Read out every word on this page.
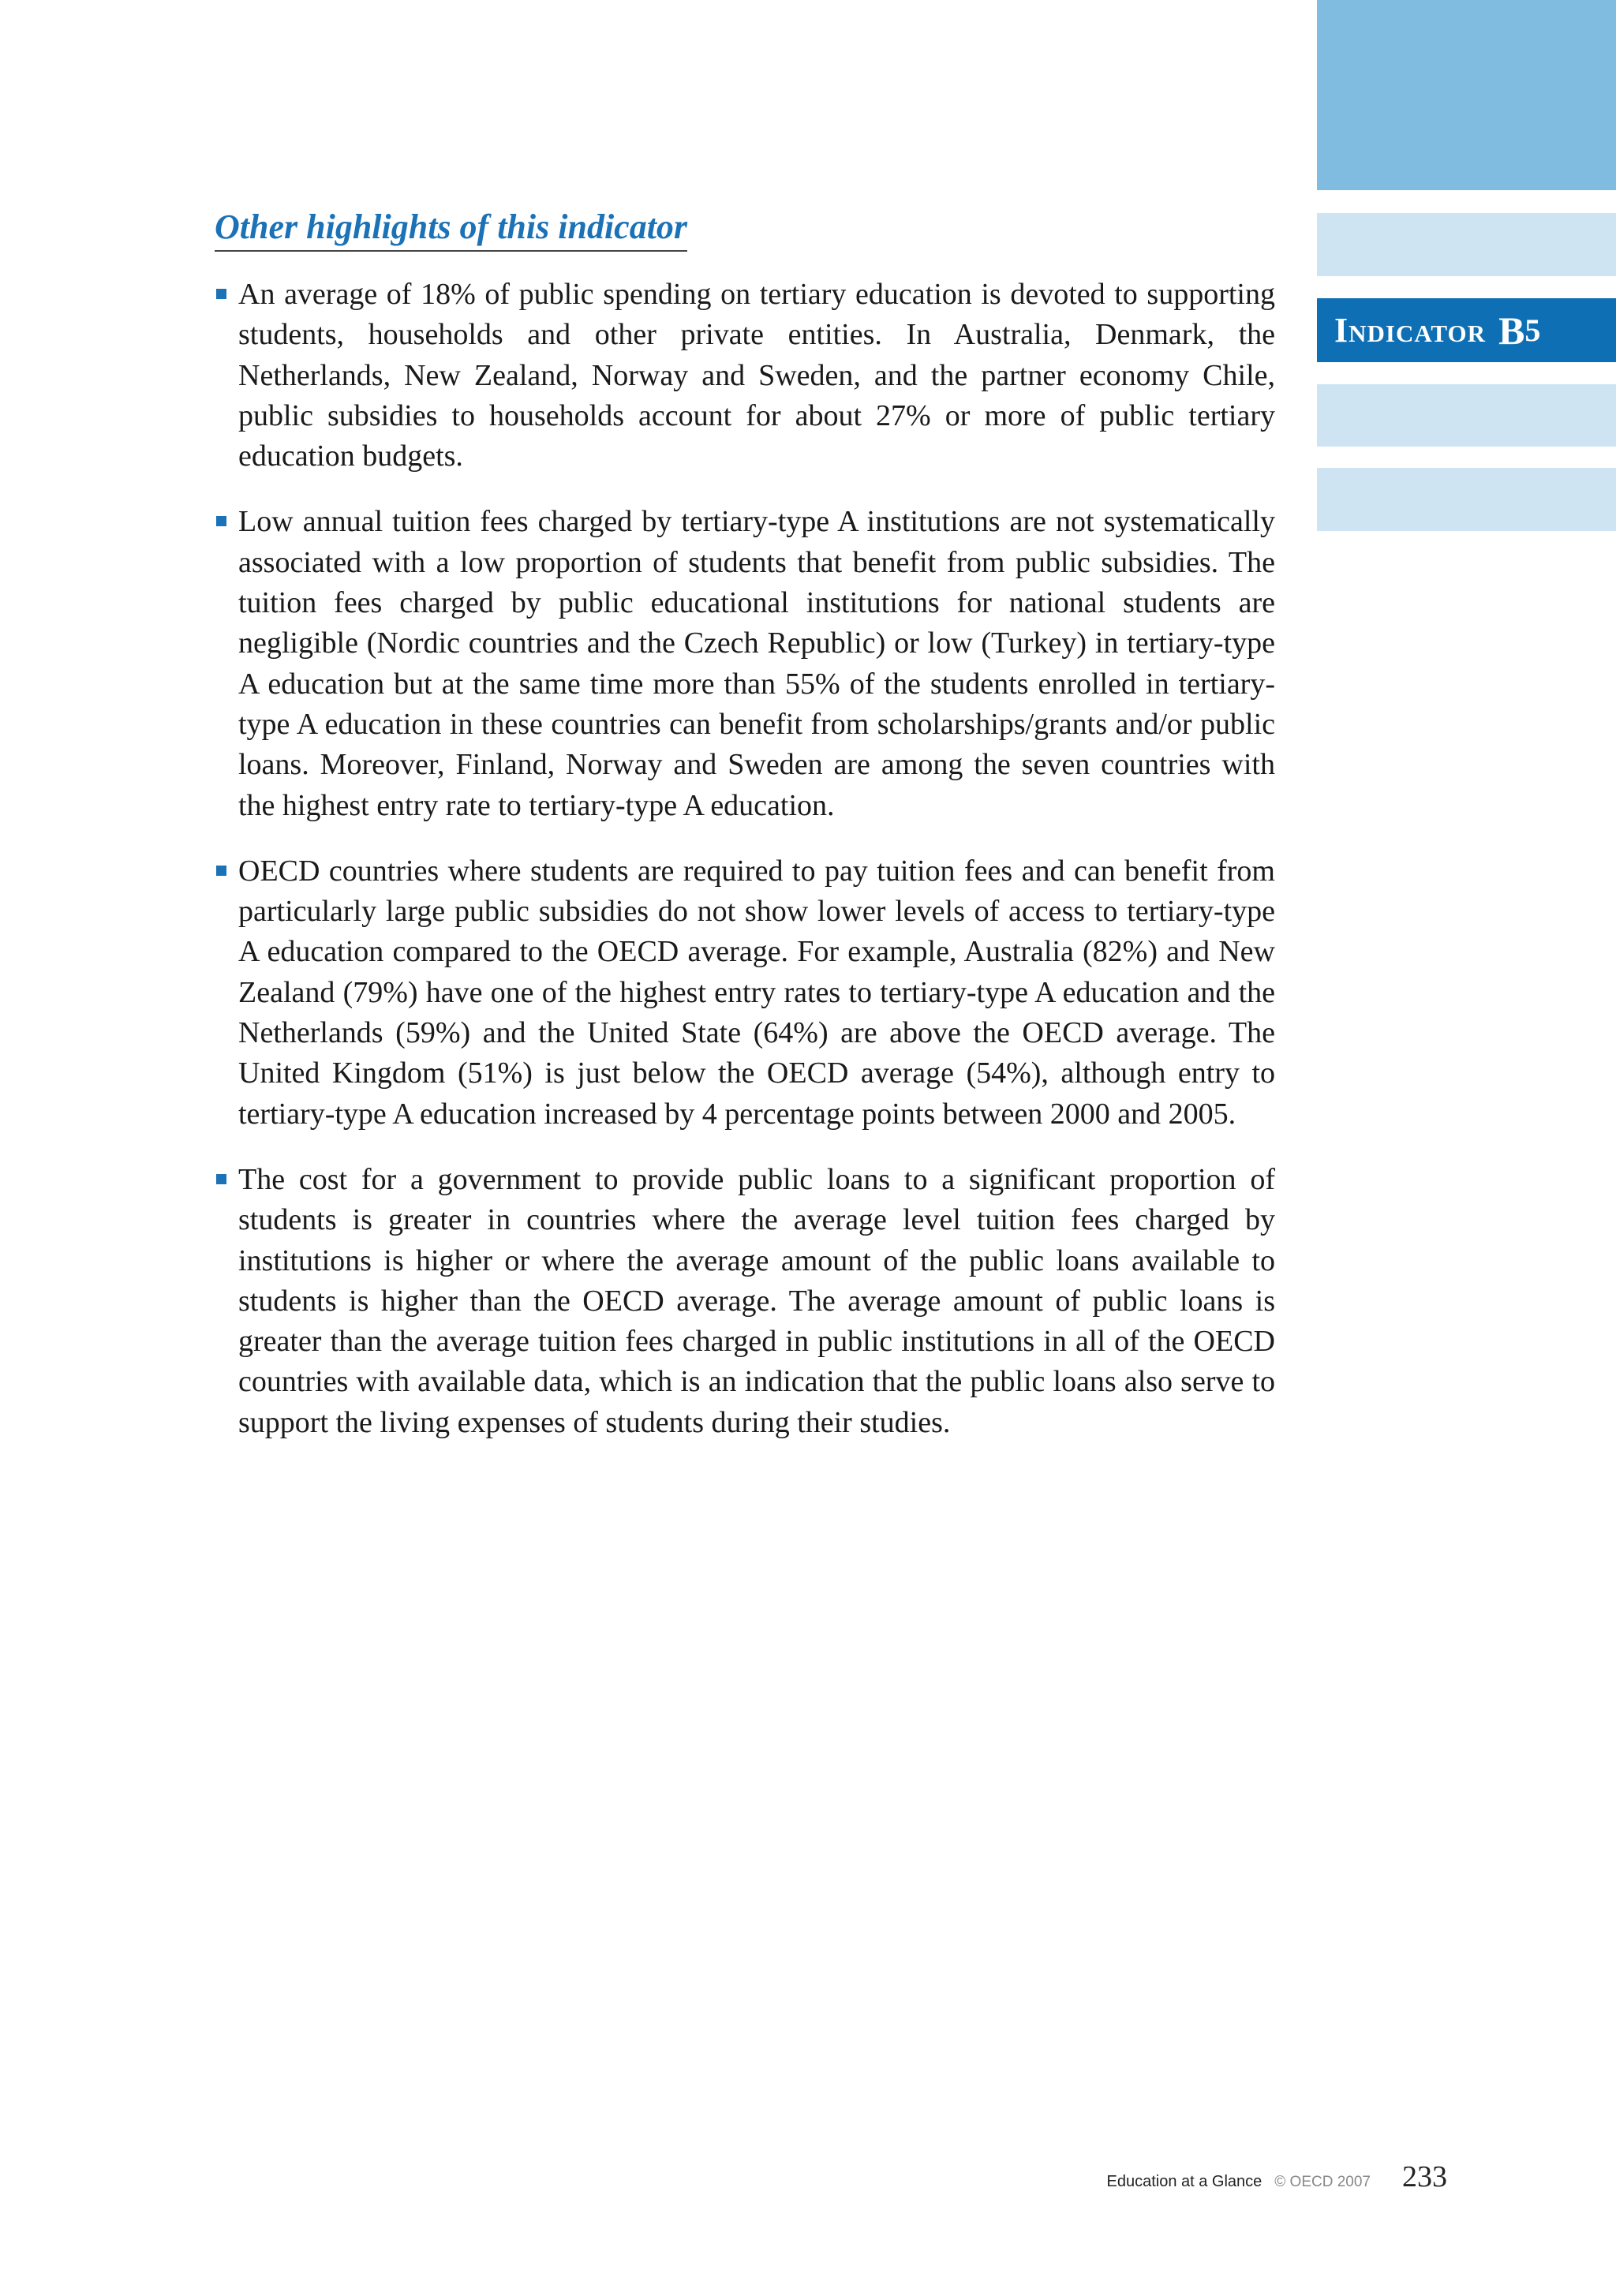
Indicator B 5
Other highlights of this indicator

An average of 18% of public spending on tertiary education is devoted to supporting students, households and other private entities. In Australia, Denmark, the Netherlands, New Zealand, Norway and Sweden, and the partner economy Chile, public subsidies to households account for about 27% or more of public tertiary education budgets.

Low annual tuition fees charged by tertiary-type A institutions are not systematically associated with a low proportion of students that benefit from public subsidies. The tuition fees charged by public educational institutions for national students are negligible (Nordic countries and the Czech Republic) or low (Turkey) in tertiary-type A education but at the same time more than 55% of the students enrolled in tertiary-type A education in these countries can benefit from scholarships/grants and/or public loans. Moreover, Finland, Norway and Sweden are among the seven countries with the highest entry rate to tertiary-type A education.

OECD countries where students are required to pay tuition fees and can benefit from particularly large public subsidies do not show lower levels of access to tertiary-type A education compared to the OECD average. For example, Australia (82%) and New Zealand (79%) have one of the highest entry rates to tertiary-type A education and the Netherlands (59%) and the United State (64%) are above the OECD average. The United Kingdom (51%) is just below the OECD average (54%), although entry to tertiary-type A education increased by 4 percentage points between 2000 and 2005.

The cost for a government to provide public loans to a significant proportion of students is greater in countries where the average level tuition fees charged by institutions is higher or where the average amount of the public loans available to students is higher than the OECD average. The average amount of public loans is greater than the average tuition fees charged in public institutions in all of the OECD countries with available data, which is an indication that the public loans also serve to support the living expenses of students during their studies.

Education at a Glance © OECD 2007 233
